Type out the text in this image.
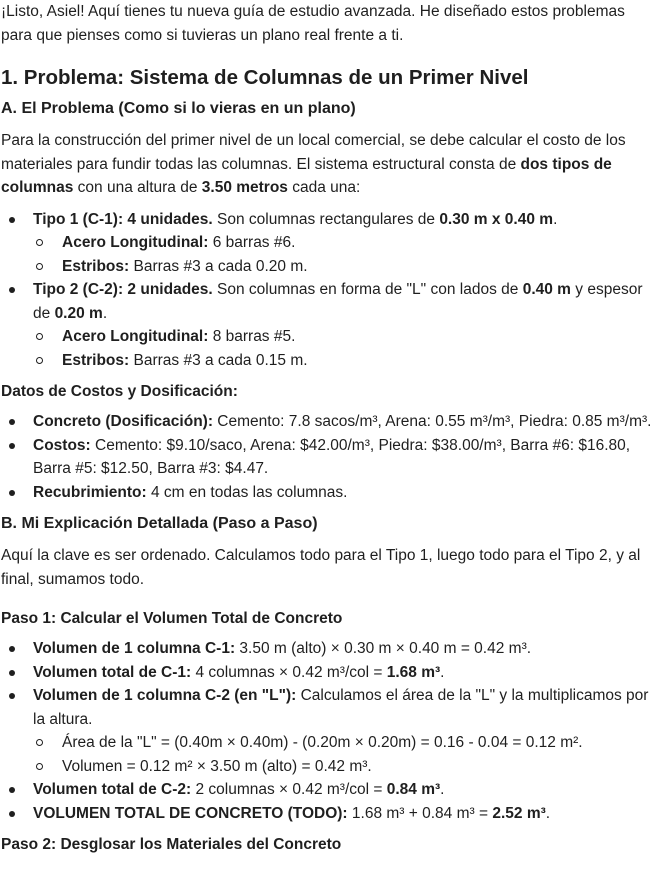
¡Listo, Asiel! Aquí tienes tu nueva guía de estudio avanzada. He diseñado estos problemas para que pienses como si tuvieras un plano real frente a ti.

1. Problema: Sistema de Columnas de un Primer Nivel
A. El Problema (Como si lo vieras en un plano)

Para la construcción del primer nivel de un local comercial, se debe calcular el costo de los materiales para fundir todas las columnas. El sistema estructural consta de dos tipos de columnas con una altura de 3.50 metros cada una:

Tipo 1 (C-1): 4 unidades. Son columnas rectangulares de 0.30 m x 0.40 m.
Acero Longitudinal: 6 barras #6.
Estribos: Barras #3 a cada 0.20 m.
Tipo 2 (C-2): 2 unidades. Son columnas en forma de "L" con lados de 0.40 m y espesor de 0.20 m.
Acero Longitudinal: 8 barras #5.
Estribos: Barras #3 a cada 0.15 m.
Datos de Costos y Dosificación:
Concreto (Dosificación): Cemento: 7.8 sacos/m³, Arena: 0.55 m³/m³, Piedra: 0.85 m³/m³.
Costos: Cemento: $9.10/saco, Arena: $42.00/m³, Piedra: $38.00/m³, Barra #6: $16.80, Barra #5: $12.50, Barra #3: $4.47.
Recubrimiento: 4 cm en todas las columnas.
B. Mi Explicación Detallada (Paso a Paso)

Aquí la clave es ser ordenado. Calculamos todo para el Tipo 1, luego todo para el Tipo 2, y al final, sumamos todo.

Paso 1: Calcular el Volumen Total de Concreto
Volumen de 1 columna C-1: 3.50 m (alto) × 0.30 m × 0.40 m = 0.42 m³.
Volumen total de C-1: 4 columnas × 0.42 m³/col = 1.68 m³.
Volumen de 1 columna C-2 (en "L"): Calculamos el área de la "L" y la multiplicamos por la altura.
Área de la "L" = (0.40m × 0.40m) - (0.20m × 0.20m) = 0.16 - 0.04 = 0.12 m².
Volumen = 0.12 m² × 3.50 m (alto) = 0.42 m³.
Volumen total de C-2: 2 columnas × 0.42 m³/col = 0.84 m³.
VOLUMEN TOTAL DE CONCRETO (TODO): 1.68 m³ + 0.84 m³ = 2.52 m³.
Paso 2: Desglosar los Materiales del Concreto
